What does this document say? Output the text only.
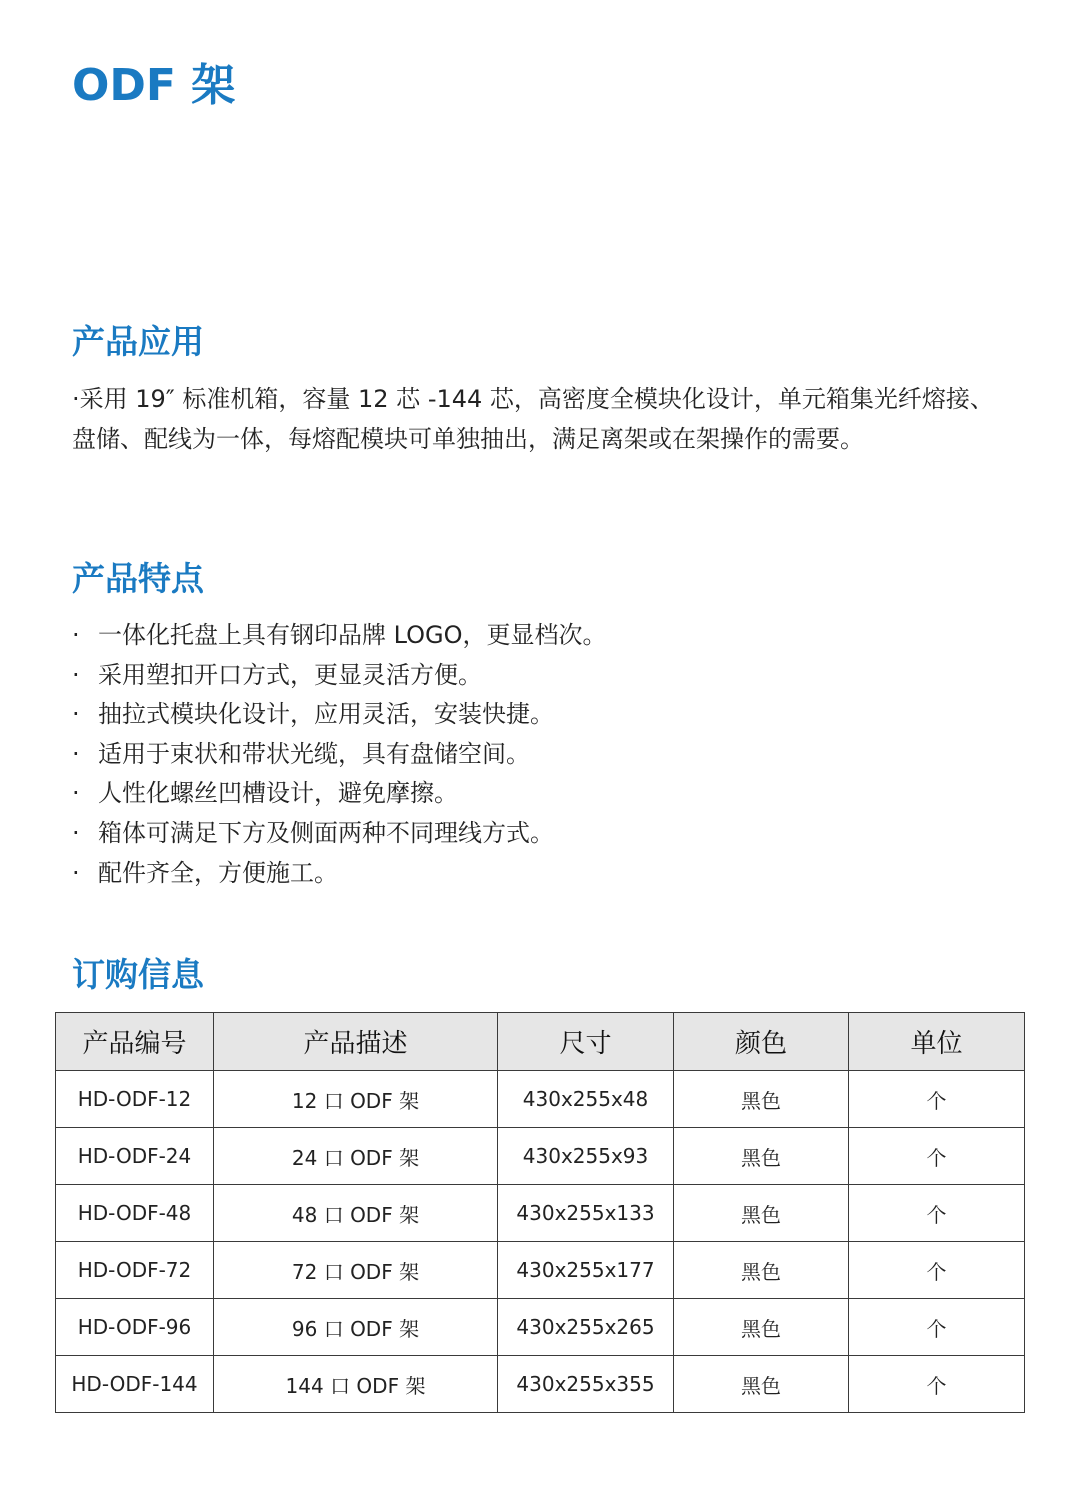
ODF 架
产品应用

·采用 19″ 标准机箱，容量 12 芯 -144 芯，高密度全模块化设计，单元箱集光纤熔接、 盘储、配线为一体，每熔配模块可单独抽出，满足离架或在架操作的需要。

产品特点
· 一体化托盘上具有钢印品牌 LOGO，更显档次。
· 采用塑扣开口方式，更显灵活方便。
· 抽拉式模块化设计，应用灵活，安装快捷。
· 适用于束状和带状光缆，具有盘储空间。
· 人性化螺丝凹槽设计，避免摩擦。
· 箱体可满足下方及侧面两种不同理线方式。
· 配件齐全，方便施工。
订购信息
产品编号	产品描述	尺寸	颜色	单位
HD-ODF-12	12 口 ODF 架	430x255x48	黑色	个
HD-ODF-24	24 口 ODF 架	430x255x93	黑色	个
HD-ODF-48	48 口 ODF 架	430x255x133	黑色	个
HD-ODF-72	72 口 ODF 架	430x255x177	黑色	个
HD-ODF-96	96 口 ODF 架	430x255x265	黑色	个
HD-ODF-144	144 口 ODF 架	430x255x355	黑色	个
